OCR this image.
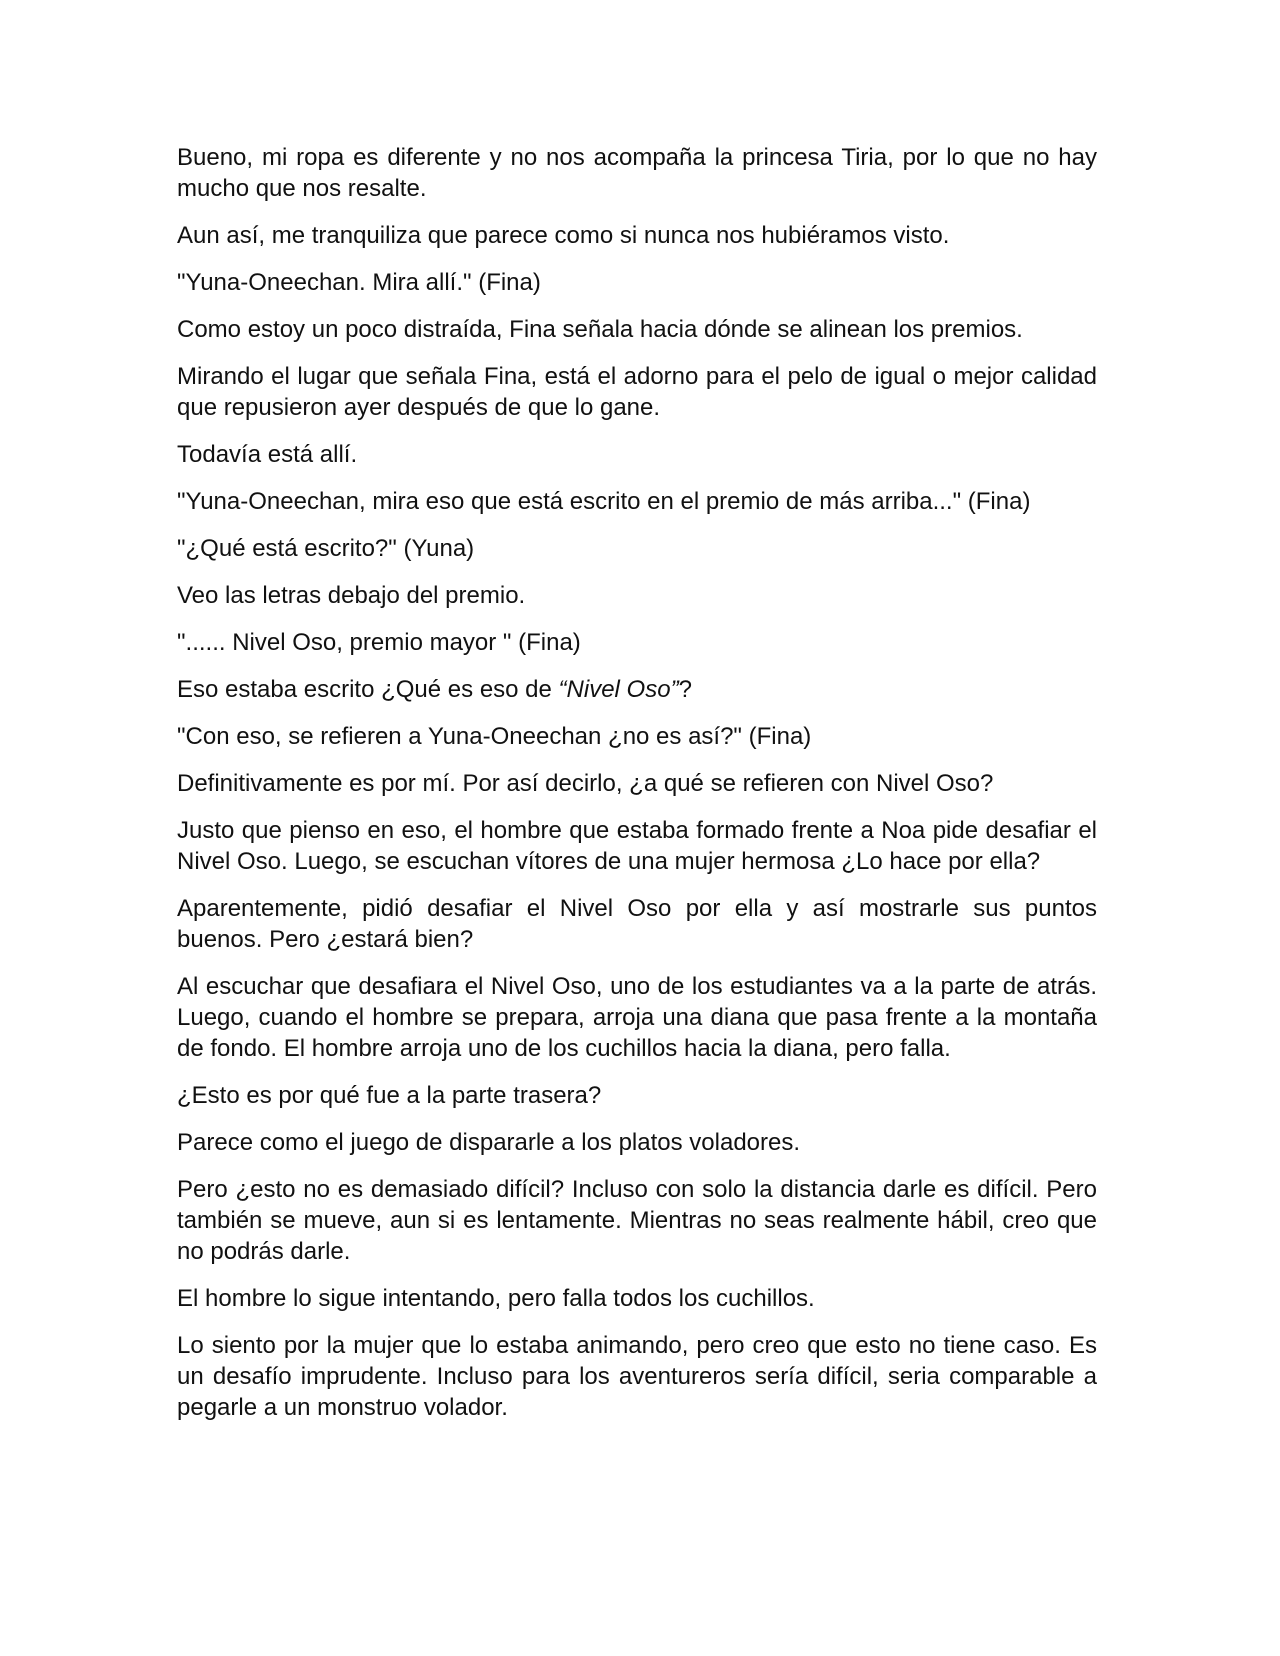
Bueno, mi ropa es diferente y no nos acompaña la princesa Tiria, por lo que no hay mucho que nos resalte.

Aun así, me tranquiliza que parece como si nunca nos hubiéramos visto.

"Yuna-Oneechan. Mira allí." (Fina)

Como estoy un poco distraída, Fina señala hacia dónde se alinean los premios.

Mirando el lugar que señala Fina, está el adorno para el pelo de igual o mejor calidad que repusieron ayer después de que lo gane.

Todavía está allí.

"Yuna-Oneechan, mira eso que está escrito en el premio de más arriba..." (Fina)

"¿Qué está escrito?" (Yuna)

Veo las letras debajo del premio.

"...... Nivel Oso, premio mayor " (Fina)

Eso estaba escrito ¿Qué es eso de “Nivel Oso”?

"Con eso, se refieren a Yuna-Oneechan ¿no es así?" (Fina)

Definitivamente es por mí. Por así decirlo, ¿a qué se refieren con Nivel Oso?

Justo que pienso en eso, el hombre que estaba formado frente a Noa pide desafiar el Nivel Oso. Luego, se escuchan vítores de una mujer hermosa ¿Lo hace por ella?

Aparentemente, pidió desafiar el Nivel Oso por ella y así mostrarle sus puntos buenos. Pero ¿estará bien?

Al escuchar que desafiara el Nivel Oso, uno de los estudiantes va a la parte de atrás. Luego, cuando el hombre se prepara, arroja una diana que pasa frente a la montaña de fondo. El hombre arroja uno de los cuchillos hacia la diana, pero falla.

¿Esto es por qué fue a la parte trasera?

Parece como el juego de dispararle a los platos voladores.

Pero ¿esto no es demasiado difícil? Incluso con solo la distancia darle es difícil. Pero también se mueve, aun si es lentamente. Mientras no seas realmente hábil, creo que no podrás darle.

El hombre lo sigue intentando, pero falla todos los cuchillos.

Lo siento por la mujer que lo estaba animando, pero creo que esto no tiene caso. Es un desafío imprudente. Incluso para los aventureros sería difícil, seria comparable a pegarle a un monstruo volador.
